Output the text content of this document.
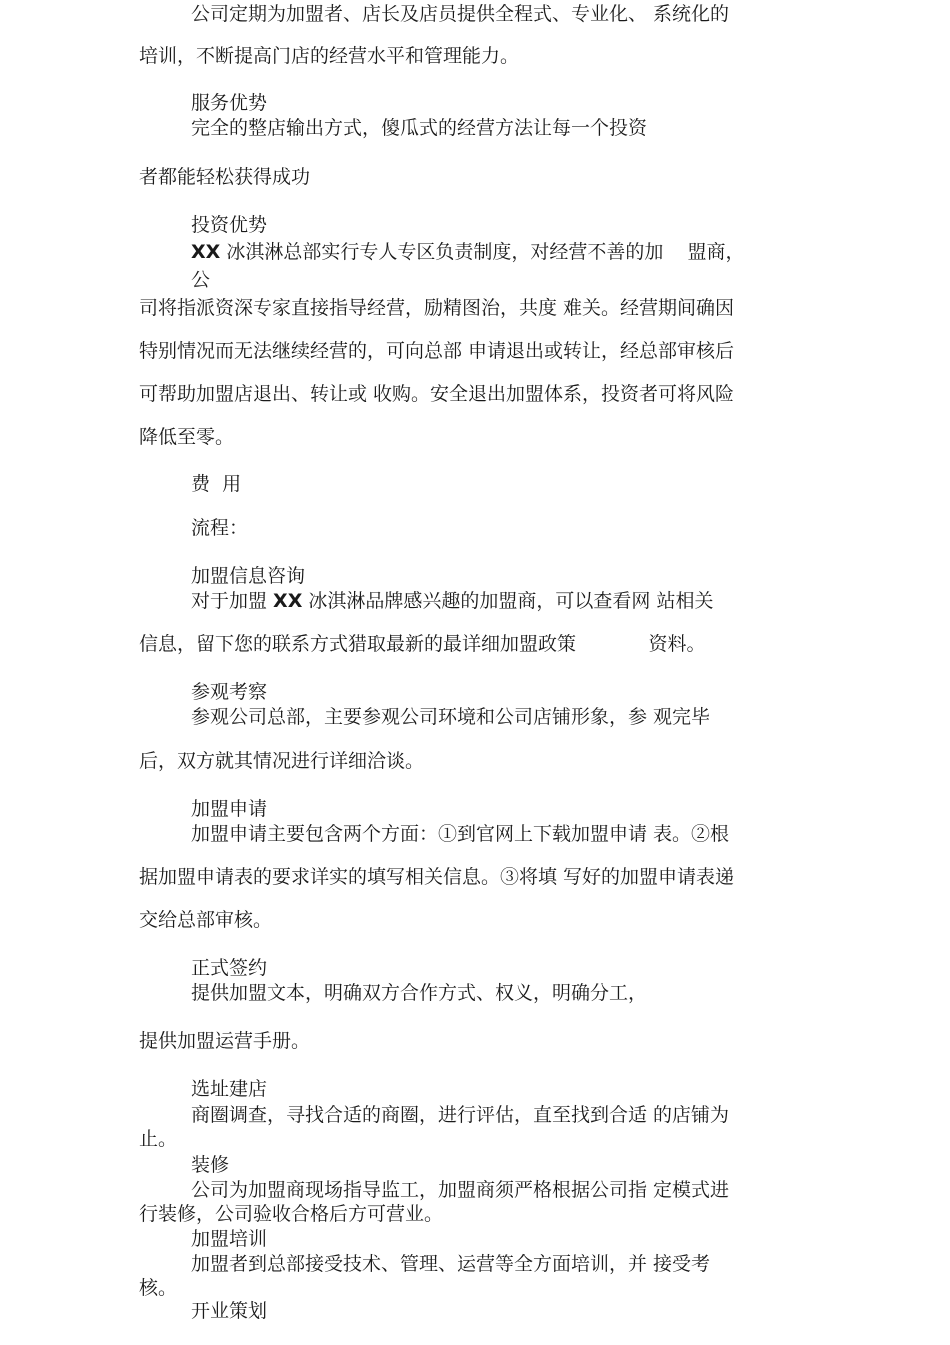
公司定期为加盟者、店长及店员提供全程式、专业化、 系统化的

培训，不断提高门店的经营水平和管理能力。

服务优势

完全的整店输出方式，傻瓜式的经营方法让每一个投资

者都能轻松获得成功

投资优势

XX 冰淇淋总部实行专人专区负责制度，对经营不善的加    盟商，

公

司将指派资深专家直接指导经营，励精图治，共度 难关。经营期间确因

特别情况而无法继续经营的，可向总部 申请退出或转让，经总部审核后

可帮助加盟店退出、转让或 收购。安全退出加盟体系，投资者可将风险

降低至零。

费  用

流程：

加盟信息咨询

对于加盟 XX 冰淇淋品牌感兴趣的加盟商，可以查看网 站相关

信息，留下您的联系方式猎取最新的最详细加盟政策            资料。

参观考察

参观公司总部，主要参观公司环境和公司店铺形象，参 观完毕

后，双方就其情况进行详细洽谈。

加盟申请

加盟申请主要包含两个方面：①到官网上下载加盟申请 表。②根

据加盟申请表的要求详实的填写相关信息。③将填 写好的加盟申请表递

交给总部审核。

正式签约

提供加盟文本，明确双方合作方式、权义，明确分工，

提供加盟运营手册。

选址建店

商圈调查，寻找合适的商圈，进行评估，直至找到合适 的店铺为

止。

装修

公司为加盟商现场指导监工，加盟商须严格根据公司指 定模式进

行装修，公司验收合格后方可营业。

加盟培训

加盟者到总部接受技术、管理、运营等全方面培训，并 接受考

核。

开业策划
